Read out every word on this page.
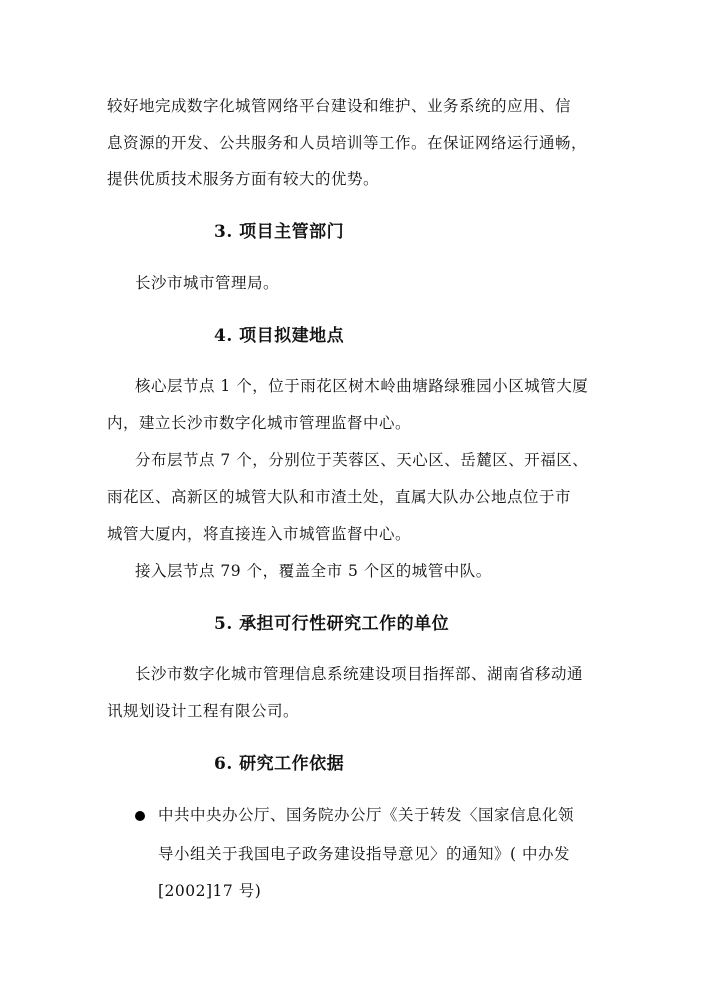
较好地完成数字化城管网络平台建设和维护、业务系统的应用、信
息资源的开发、公共服务和人员培训等工作。在保证网络运行通畅，
提供优质技术服务方面有较大的优势。
3. 项目主管部门
长沙市城市管理局。
4. 项目拟建地点
核心层节点 1 个，位于雨花区树木岭曲塘路绿雅园小区城管大厦
内，建立长沙市数字化城市管理监督中心。
分布层节点 7 个，分别位于芙蓉区、天心区、岳麓区、开福区、
雨花区、高新区的城管大队和市渣土处，直属大队办公地点位于市
城管大厦内，将直接连入市城管监督中心。
接入层节点 79 个，覆盖全市 5 个区的城管中队。
5. 承担可行性研究工作的单位
长沙市数字化城市管理信息系统建设项目指挥部、湖南省移动通
讯规划设计工程有限公司。
6. 研究工作依据
中共中央办公厅、国务院办公厅《关于转发〈国家信息化领
导小组关于我国电子政务建设指导意见〉的通知》( 中办发
[2002]17 号)
